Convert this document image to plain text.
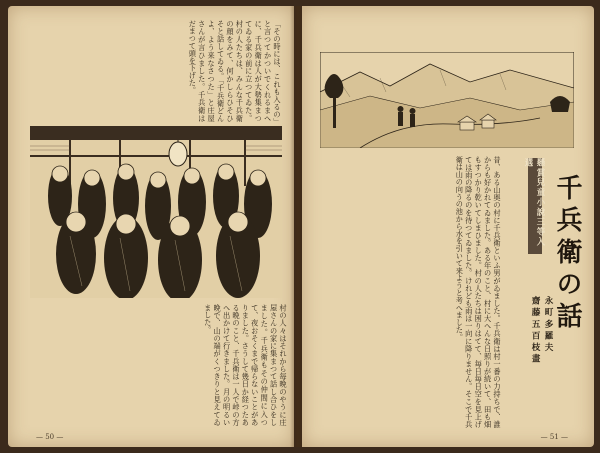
「その時には、これも入るの」と言つてかついでくれるまへに、千兵衛は人が大勢集まつてゐる家の前に立つてゐた。村の人たちは、みんな千兵衛の顔をみて、何かしらひそひそと話してゐる。「千兵衛どんよ、よう来なさつた」と庄屋さんが言ひました。千兵衛はだまつて頭を下げた。
村の人々はそれから毎晩のやうに庄屋さんの家に集まつて話し合ひをしました。千兵衛もその仲間に入つて、夜おそくまで帰らないことがありました。さうして幾日か経つたある晩のこと、千兵衛は一人で峠の方へ出かけて行きました。月の明るい晩で、山の端がくつきりと見えてゐました。
— 50 —
昔、ある山奥の村に千兵衛といふ男がゐました。千兵衛は村一番の力持ちで、誰からも好かれてゐました。ある年のこと、村に大へんな日照りが続いて、田も畑もすつかり乾いてしまひました。村の人たちは困りはてて、毎日毎日空を見上げては雨の降るのを待つてゐました。けれども雨は一向に降りません。そこで千兵衛は山の向うの池から水を引いて来ようと考へました。	懸賞兒童小說三等入選
千兵衛の話
永町多羅夫
齋藤五百枝畫
— 51 —
